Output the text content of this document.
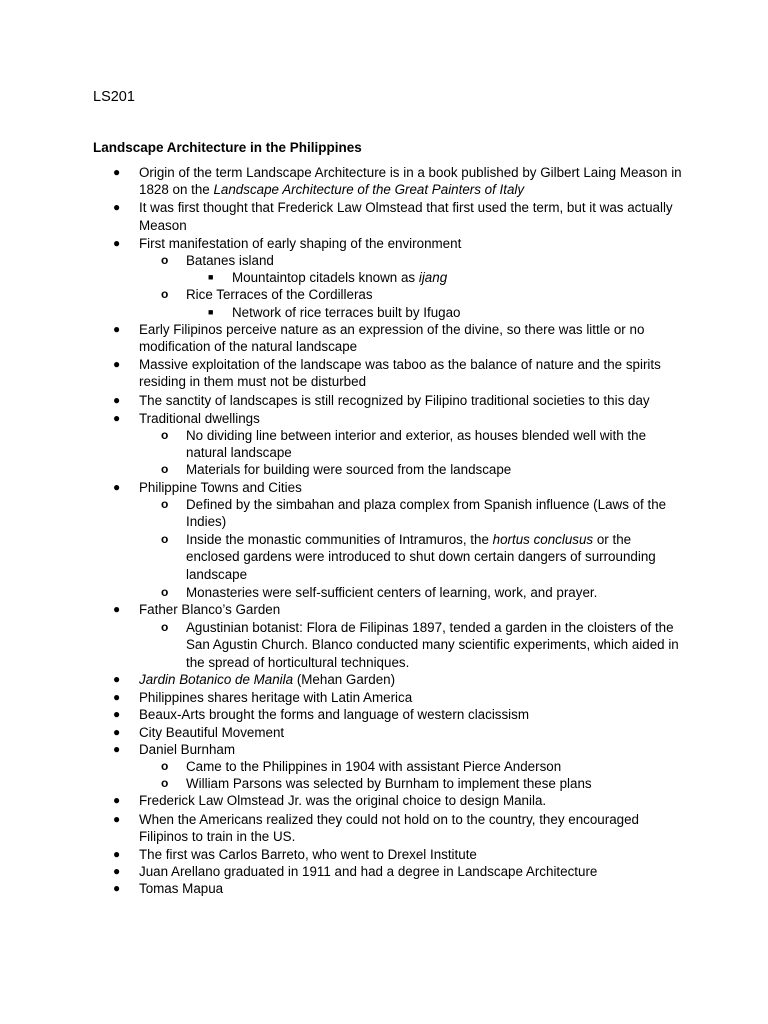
LS201

Landscape Architecture in the Philippines
● Origin of the term Landscape Architecture is in a book published by Gilbert Laing Meason in 1828 on the Landscape Architecture of the Great Painters of Italy
● It was first thought that Frederick Law Olmstead that first used the term, but it was actually Meason
● First manifestation of early shaping of the environment
o Batanes island
■ Mountaintop citadels known as ijang
o Rice Terraces of the Cordilleras
■ Network of rice terraces built by Ifugao
● Early Filipinos perceive nature as an expression of the divine, so there was little or no modification of the natural landscape
● Massive exploitation of the landscape was taboo as the balance of nature and the spirits residing in them must not be disturbed
● The sanctity of landscapes is still recognized by Filipino traditional societies to this day
● Traditional dwellings
o No dividing line between interior and exterior, as houses blended well with the natural landscape
o Materials for building were sourced from the landscape
● Philippine Towns and Cities
o Defined by the simbahan and plaza complex from Spanish influence (Laws of the Indies)
o Inside the monastic communities of Intramuros, the hortus conclusus or the enclosed gardens were introduced to shut down certain dangers of surrounding landscape
o Monasteries were self-sufficient centers of learning, work, and prayer.
● Father Blanco’s Garden
o Agustinian botanist: Flora de Filipinas 1897, tended a garden in the cloisters of the San Agustin Church. Blanco conducted many scientific experiments, which aided in the spread of horticultural techniques.
● Jardin Botanico de Manila (Mehan Garden)
● Philippines shares heritage with Latin America
● Beaux-Arts brought the forms and language of western clacissism
● City Beautiful Movement
● Daniel Burnham
o Came to the Philippines in 1904 with assistant Pierce Anderson
o William Parsons was selected by Burnham to implement these plans
● Frederick Law Olmstead Jr. was the original choice to design Manila.
● When the Americans realized they could not hold on to the country, they encouraged Filipinos to train in the US.
● The first was Carlos Barreto, who went to Drexel Institute
● Juan Arellano graduated in 1911 and had a degree in Landscape Architecture
● Tomas Mapua
